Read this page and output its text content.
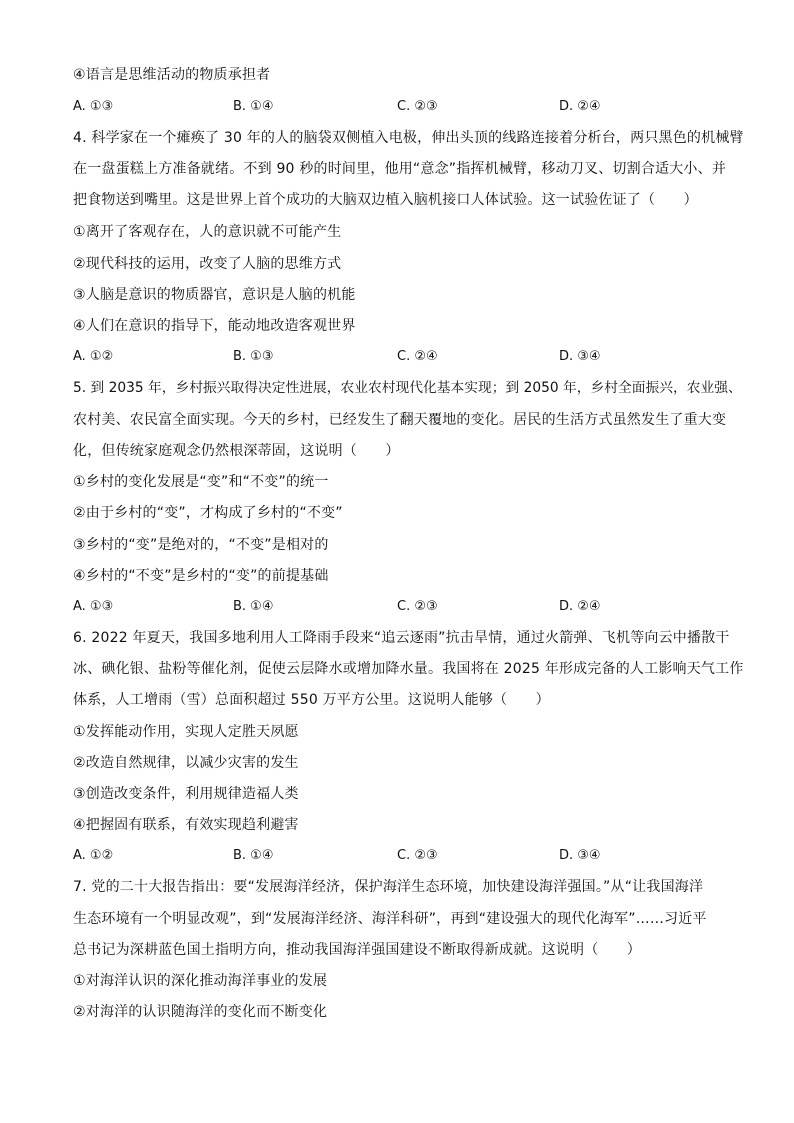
④语言是思维活动的物质承担者
A. ①③	B. ①④	C. ②③	D. ②④
4. 科学家在一个瘫痪了 30 年的人的脑袋双侧植入电极，伸出头顶的线路连接着分析台，两只黑色的机械臂
在一盘蛋糕上方准备就绪。不到 90 秒的时间里，他用“意念”指挥机械臂，移动刀叉、切割合适大小、并
把食物送到嘴里。这是世界上首个成功的大脑双边植入脑机接口人体试验。这一试验佐证了（　　）
①离开了客观存在，人的意识就不可能产生
②现代科技的运用，改变了人脑的思维方式
③人脑是意识的物质器官，意识是人脑的机能
④人们在意识的指导下，能动地改造客观世界
A. ①②	B. ①③	C. ②④	D. ③④
5. 到 2035 年，乡村振兴取得决定性进展，农业农村现代化基本实现；到 2050 年，乡村全面振兴，农业强、
农村美、农民富全面实现。今天的乡村，已经发生了翻天覆地的变化。居民的生活方式虽然发生了重大变
化，但传统家庭观念仍然根深蒂固，这说明（　　）
①乡村的变化发展是“变”和“不变”的统一
②由于乡村的“变”，才构成了乡村的“不变”
③乡村的“变”是绝对的，“不变”是相对的
④乡村的“不变”是乡村的“变”的前提基础
A. ①③	B. ①④	C. ②③	D. ②④
6. 2022 年夏天，我国多地利用人工降雨手段来“追云逐雨”抗击旱情，通过火箭弹、飞机等向云中播散干
冰、碘化银、盐粉等催化剂，促使云层降水或增加降水量。我国将在 2025 年形成完备的人工影响天气工作
体系，人工增雨（雪）总面积超过 550 万平方公里。这说明人能够（　　）
①发挥能动作用，实现人定胜天夙愿
②改造自然规律，以减少灾害的发生
③创造改变条件，利用规律造福人类
④把握固有联系，有效实现趋利避害
A. ①②	B. ①④	C. ②③	D. ③④
7. 党的二十大报告指出：要“发展海洋经济，保护海洋生态环境，加快建设海洋强国。”从“让我国海洋
生态环境有一个明显改观”，到“发展海洋经济、海洋科研”，再到“建设强大的现代化海军”……习近平
总书记为深耕蓝色国土指明方向，推动我国海洋强国建设不断取得新成就。这说明（　　）
①对海洋认识的深化推动海洋事业的发展
②对海洋的认识随海洋的变化而不断变化
